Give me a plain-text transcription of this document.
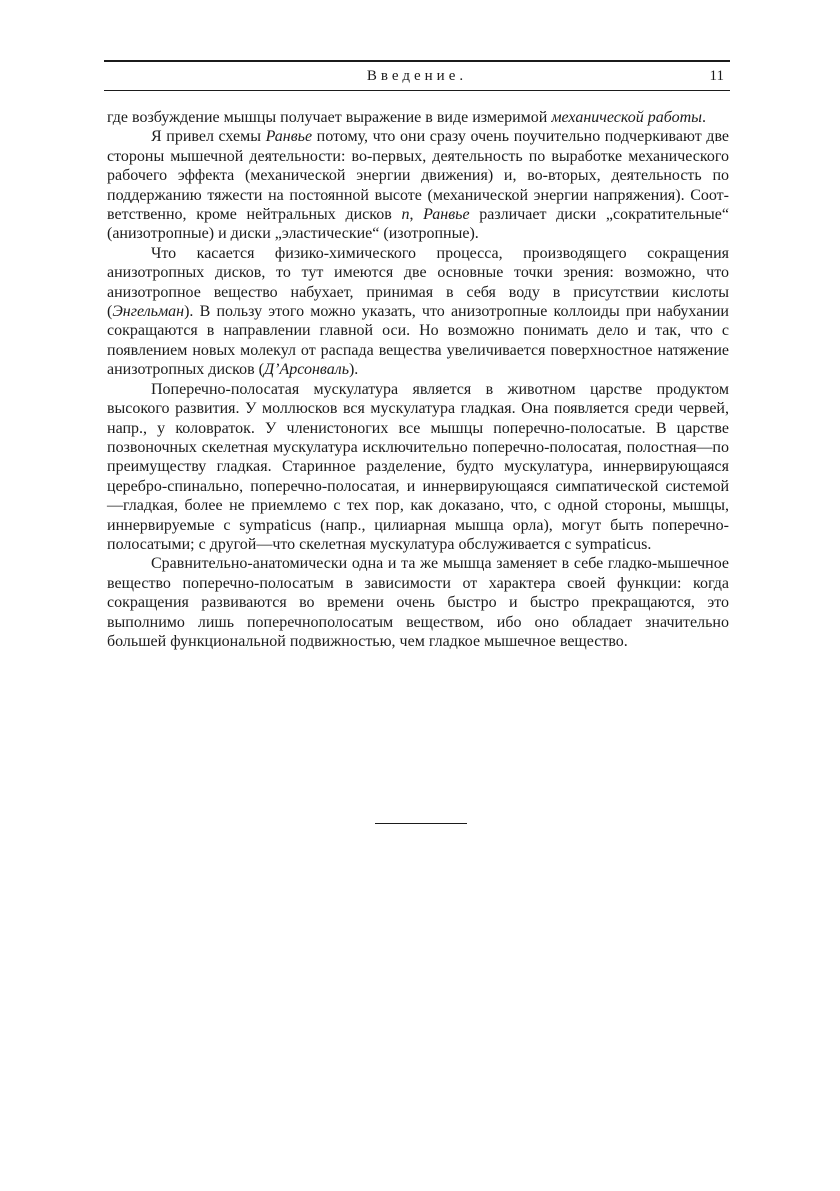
Введение.	11

где возбуждение мышцы получает выражение в виде измеримой механической работы.

Я привел схемы Ранвье потому, что они сразу очень поучительно подчеркивают две стороны мышечной деятельности: во-первых, деятельность по выработке механического рабочего эффекта (механической энергии движения) и, во-вторых, деятельность по поддержанию тяжести на постоянной высоте (механической энергии напряжения). Соответственно, кроме нейтральных дисков n, Ранвье различает диски „сократительные“ (анизотропные) и диски „эластические“ (изотропные).

Что касается физико-химического процесса, производящего сокращения анизотропных дисков, то тут имеются две основные точки зрения: возможно, что анизотропное вещество набухает, принимая в себя воду в присутствии кислоты (Энгельман). В пользу этого можно указать, что анизотропные коллоиды при набухании сокращаются в направлении главной оси. Но возможно понимать дело и так, что с появлением новых молекул от распада вещества увеличивается поверхностное натяжение анизотропных дисков (Д’Арсонваль).

Поперечно-полосатая мускулатура является в животном царстве продуктом высокого развития. У моллюсков вся мускулатура гладкая. Она появляется среди червей, напр., у коловраток. У членистоногих все мышцы поперечно-полосатые. В царстве позвоночных скелетная мускулатура исключительно поперечно-полосатая, полостная—по преимуществу гладкая. Старинное разделение, будто мускулатура, иннервирующаяся церебро-спинально, поперечно-полосатая, и иннервирующаяся симпатической системой—гладкая, более не приемлемо с тех пор, как доказано, что, с одной стороны, мышцы, иннервируемые с sympaticus (напр., цилиарная мышца орла), могут быть поперечно-полосатыми; с другой—что скелетная мускулатура обслуживается с sympaticus.

Сравнительно-анатомически одна и та же мышца заменяет в себе гладко-мышечное вещество поперечно-полосатым в зависимости от характера своей функции: когда сокращения развиваются во времени очень быстро и быстро прекращаются, это выполнимо лишь поперечнополосатым веществом, ибо оно обладает значительно большей функциональной подвижностью, чем гладкое мышечное вещество.
